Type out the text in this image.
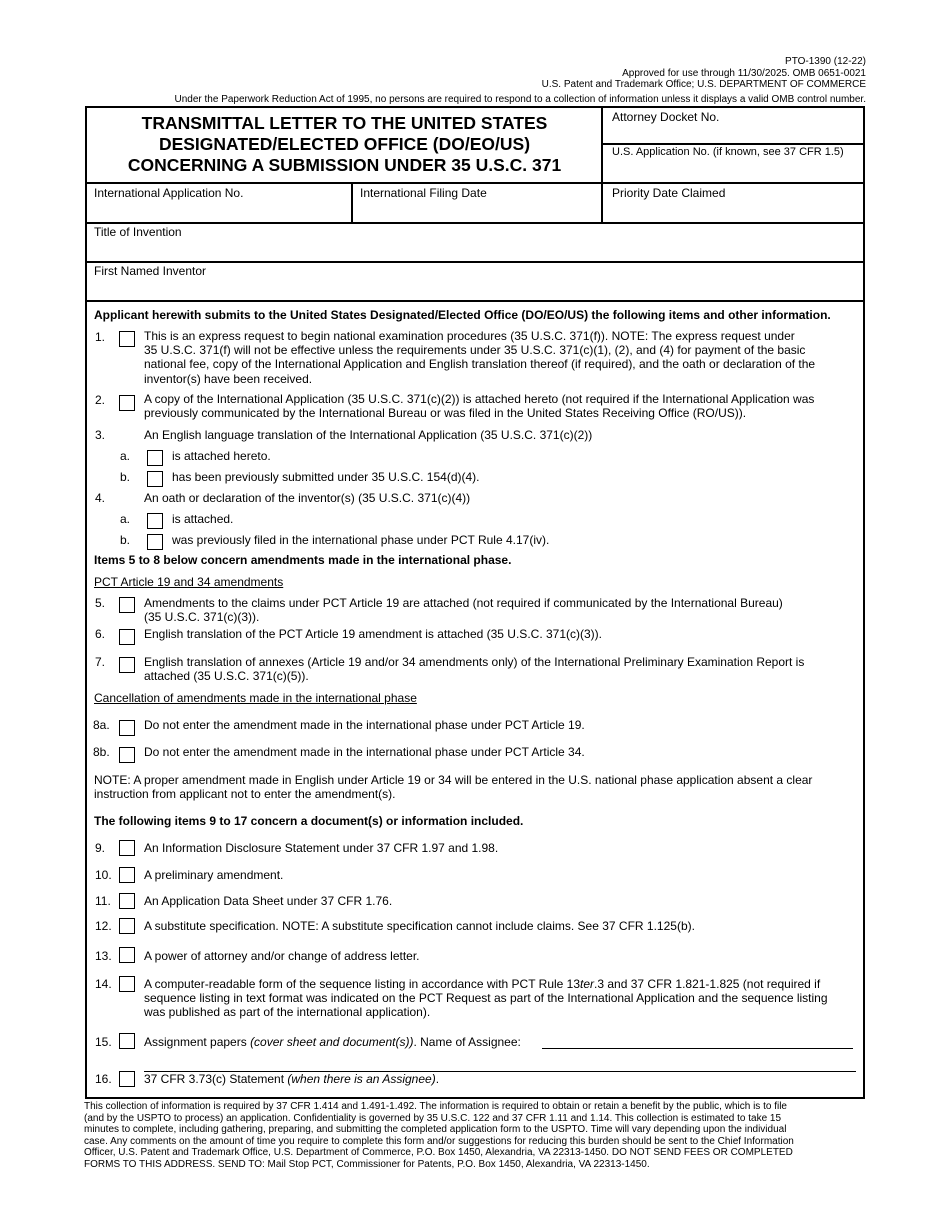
PTO-1390 (12-22)
Approved for use through 11/30/2025. OMB 0651-0021
U.S. Patent and Trademark Office; U.S. DEPARTMENT OF COMMERCE
Under the Paperwork Reduction Act of 1995, no persons are required to respond to a collection of information unless it displays a valid OMB control number.
TRANSMITTAL LETTER TO THE UNITED STATES
DESIGNATED/ELECTED OFFICE (DO/EO/US)
CONCERNING A SUBMISSION UNDER 35 U.S.C. 371
Attorney Docket No.
U.S. Application No. (if known, see 37 CFR 1.5)
International Application No.	International Filing Date	Priority Date Claimed
Title of Invention
First Named Inventor
Applicant herewith submits to the United States Designated/Elected Office (DO/EO/US) the following items and other information.
1.	This is an express request to begin national examination procedures (35 U.S.C. 371(f)). NOTE: The express request under
35 U.S.C. 371(f) will not be effective unless the requirements under 35 U.S.C. 371(c)(1), (2), and (4) for payment of the basic
national fee, copy of the International Application and English translation thereof (if required), and the oath or declaration of the
inventor(s) have been received.
2.	A copy of the International Application (35 U.S.C. 371(c)(2)) is attached hereto (not required if the International Application was
previously communicated by the International Bureau or was filed in the United States Receiving Office (RO/US)).
3.	An English language translation of the International Application (35 U.S.C. 371(c)(2))
a.	is attached hereto.
b.	has been previously submitted under 35 U.S.C. 154(d)(4).
4.	An oath or declaration of the inventor(s) (35 U.S.C. 371(c)(4))
a.	is attached.
b.	was previously filed in the international phase under PCT Rule 4.17(iv).
Items 5 to 8 below concern amendments made in the international phase.
PCT Article 19 and 34 amendments
5.	Amendments to the claims under PCT Article 19 are attached (not required if communicated by the International Bureau)
(35 U.S.C. 371(c)(3)).
6.	English translation of the PCT Article 19 amendment is attached (35 U.S.C. 371(c)(3)).
7.	English translation of annexes (Article 19 and/or 34 amendments only) of the International Preliminary Examination Report is
attached (35 U.S.C. 371(c)(5)).
Cancellation of amendments made in the international phase
8a.	Do not enter the amendment made in the international phase under PCT Article 19.
8b.	Do not enter the amendment made in the international phase under PCT Article 34.
NOTE: A proper amendment made in English under Article 19 or 34 will be entered in the U.S. national phase application absent a clear
instruction from applicant not to enter the amendment(s).
The following items 9 to 17 concern a document(s) or information included.
9.	An Information Disclosure Statement under 37 CFR 1.97 and 1.98.
10.	A preliminary amendment.
11.	An Application Data Sheet under 37 CFR 1.76.
12.	A substitute specification. NOTE: A substitute specification cannot include claims. See 37 CFR 1.125(b).
13.	A power of attorney and/or change of address letter.
14.	A computer-readable form of the sequence listing in accordance with PCT Rule 13ter.3 and 37 CFR 1.821-1.825 (not required if
sequence listing in text format was indicated on the PCT Request as part of the International Application and the sequence listing
was published as part of the international application).
15.	Assignment papers (cover sheet and document(s)). Name of Assignee:
16.	37 CFR 3.73(c) Statement (when there is an Assignee).
This collection of information is required by 37 CFR 1.414 and 1.491-1.492. The information is required to obtain or retain a benefit by the public, which is to file
(and by the USPTO to process) an application. Confidentiality is governed by 35 U.S.C. 122 and 37 CFR 1.11 and 1.14. This collection is estimated to take 15
minutes to complete, including gathering, preparing, and submitting the completed application form to the USPTO. Time will vary depending upon the individual
case. Any comments on the amount of time you require to complete this form and/or suggestions for reducing this burden should be sent to the Chief Information
Officer, U.S. Patent and Trademark Office, U.S. Department of Commerce, P.O. Box 1450, Alexandria, VA 22313-1450. DO NOT SEND FEES OR COMPLETED
FORMS TO THIS ADDRESS. SEND TO: Mail Stop PCT, Commissioner for Patents, P.O. Box 1450, Alexandria, VA 22313-1450.
